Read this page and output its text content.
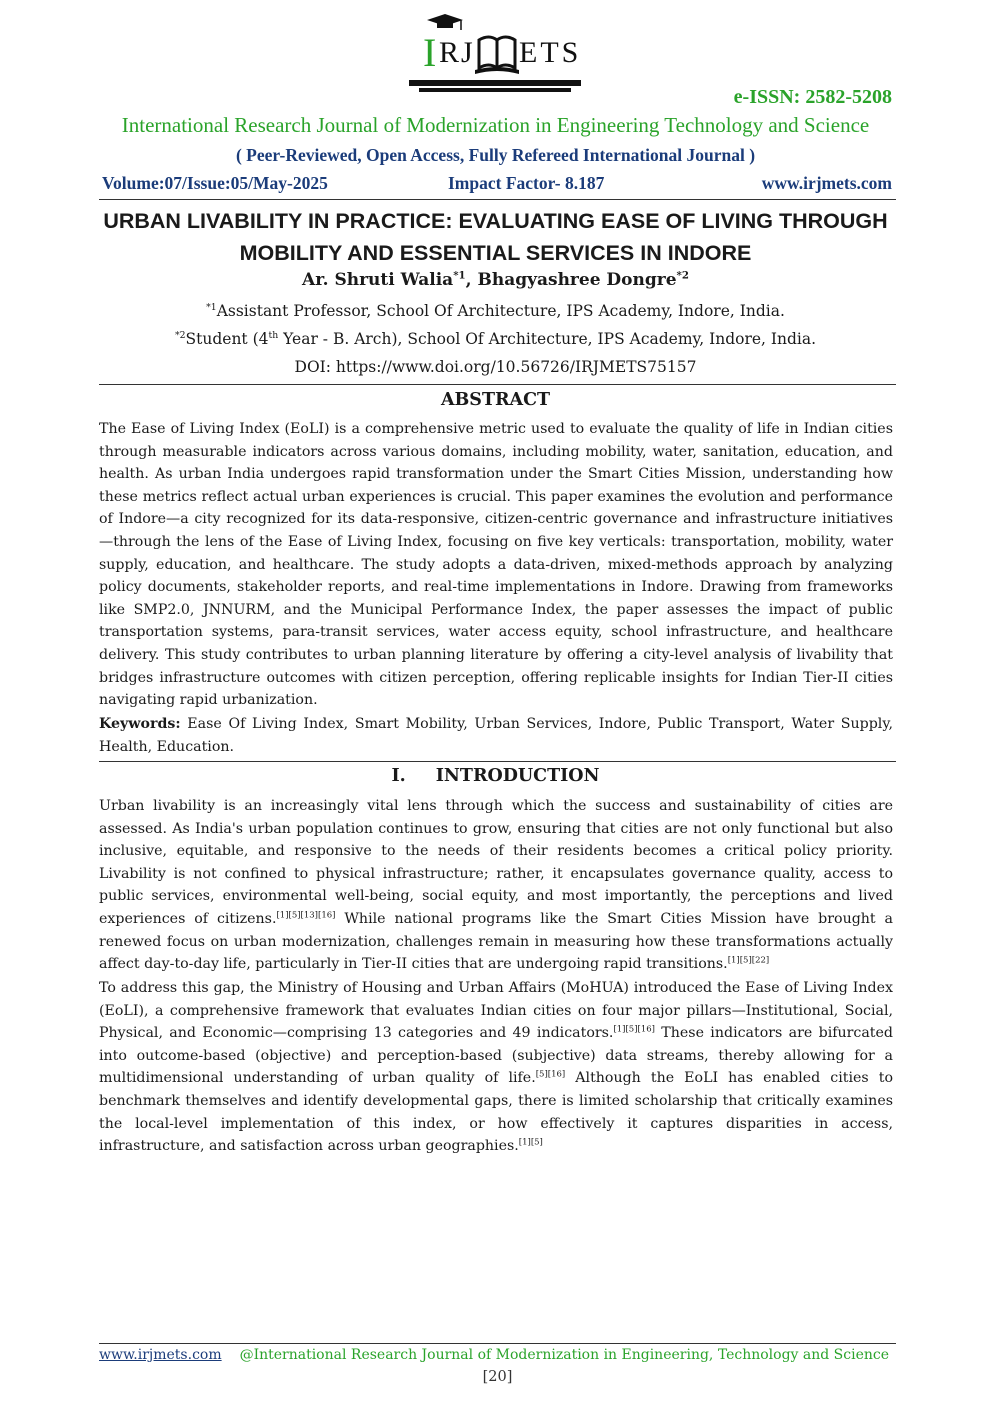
I RJ ETS
e-ISSN: 2582-5208
International Research Journal of Modernization in Engineering Technology and Science
( Peer-Reviewed, Open Access, Fully Refereed International Journal )
Volume:07/Issue:05/May-2025	Impact Factor- 8.187	www.irjmets.com
URBAN LIVABILITY IN PRACTICE: EVALUATING EASE OF LIVING THROUGH
MOBILITY AND ESSENTIAL SERVICES IN INDORE
Ar. Shruti Walia$^{*1}$, Bhagyashree Dongre$^{*2}$
$^{*1}$Assistant Professor, School Of Architecture, IPS Academy, Indore, India.
$^{*2}$Student (4th Year - B. Arch), School Of Architecture, IPS Academy, Indore, India.
DOI: https://www.doi.org/10.56726/IRJMETS75157
ABSTRACT

The Ease of Living Index (EoLI) is a comprehensive metric used to evaluate the quality of life in Indian cities through measurable indicators across various domains, including mobility, water, sanitation, education, and health. As urban India undergoes rapid transformation under the Smart Cities Mission, understanding how these metrics reflect actual urban experiences is crucial. This paper examines the evolution and performance of Indore—a city recognized for its data-responsive, citizen-centric governance and infrastructure initiatives—through the lens of the Ease of Living Index, focusing on five key verticals: transportation, mobility, water supply, education, and healthcare. The study adopts a data-driven, mixed-methods approach by analyzing policy documents, stakeholder reports, and real-time implementations in Indore. Drawing from frameworks like SMP2.0, JNNURM, and the Municipal Performance Index, the paper assesses the impact of public transportation systems, para-transit services, water access equity, school infrastructure, and healthcare delivery. This study contributes to urban planning literature by offering a city-level analysis of livability that bridges infrastructure outcomes with citizen perception, offering replicable insights for Indian Tier-II cities navigating rapid urbanization.

Keywords: Ease Of Living Index, Smart Mobility, Urban Services, Indore, Public Transport, Water Supply, Health, Education.

I. INTRODUCTION

Urban livability is an increasingly vital lens through which the success and sustainability of cities are assessed. As India's urban population continues to grow, ensuring that cities are not only functional but also inclusive, equitable, and responsive to the needs of their residents becomes a critical policy priority. Livability is not confined to physical infrastructure; rather, it encapsulates governance quality, access to public services, environmental well-being, social equity, and most importantly, the perceptions and lived experiences of citizens.[1][5][13][16] While national programs like the Smart Cities Mission have brought a renewed focus on urban modernization, challenges remain in measuring how these transformations actually affect day-to-day life, particularly in Tier-II cities that are undergoing rapid transitions.[1][5][22]

To address this gap, the Ministry of Housing and Urban Affairs (MoHUA) introduced the Ease of Living Index (EoLI), a comprehensive framework that evaluates Indian cities on four major pillars—Institutional, Social, Physical, and Economic—comprising 13 categories and 49 indicators.[1][5][16] These indicators are bifurcated into outcome-based (objective) and perception-based (subjective) data streams, thereby allowing for a multidimensional understanding of urban quality of life.[5][16] Although the EoLI has enabled cities to benchmark themselves and identify developmental gaps, there is limited scholarship that critically examines the local-level implementation of this index, or how effectively it captures disparities in access, infrastructure, and satisfaction across urban geographies.[1][5]

www.irjmets.com @International Research Journal of Modernization in Engineering, Technology and Science
[20]
